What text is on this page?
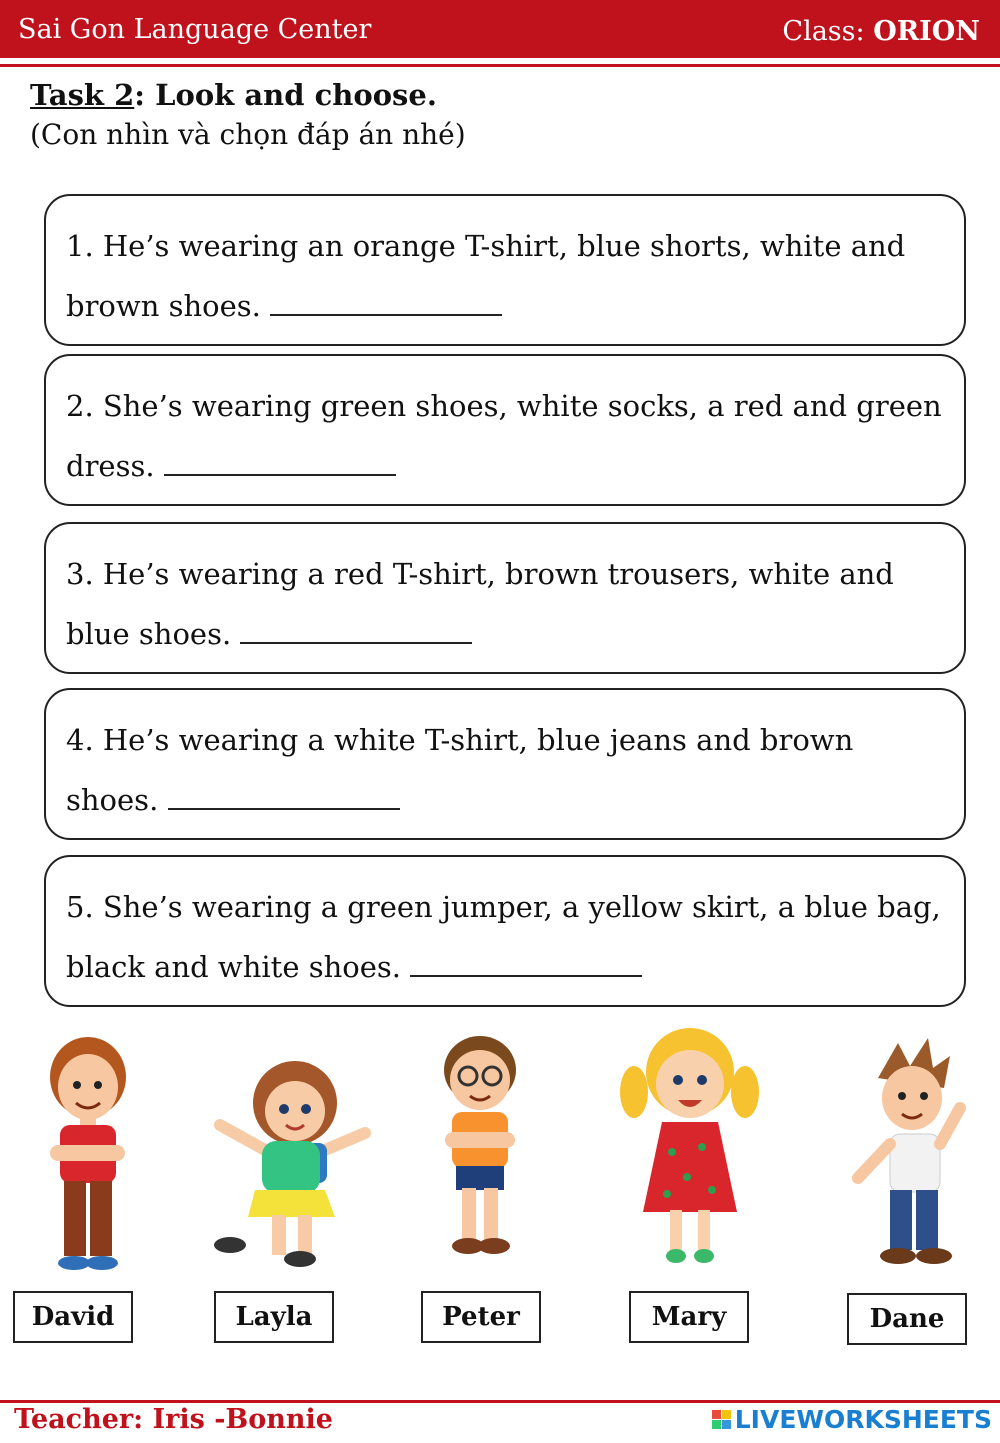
Sai Gon Language Center	Class: ORION
Task 2: Look and choose.
(Con nhìn và chọn đáp án nhé)
1. He’s wearing an orange T-shirt, blue shorts, white and brown shoes.
2. She’s wearing green shoes, white socks, a red and green dress.
3. He’s wearing a red T-shirt, brown trousers, white and blue shoes.
4. He’s wearing a white T-shirt, blue jeans and brown shoes.
5. She’s wearing a green jumper, a yellow skirt, a blue bag, black and white shoes.
David	Layla	Peter	Mary	Dane
Teacher: Iris -Bonnie	LIVEWORKSHEETS
